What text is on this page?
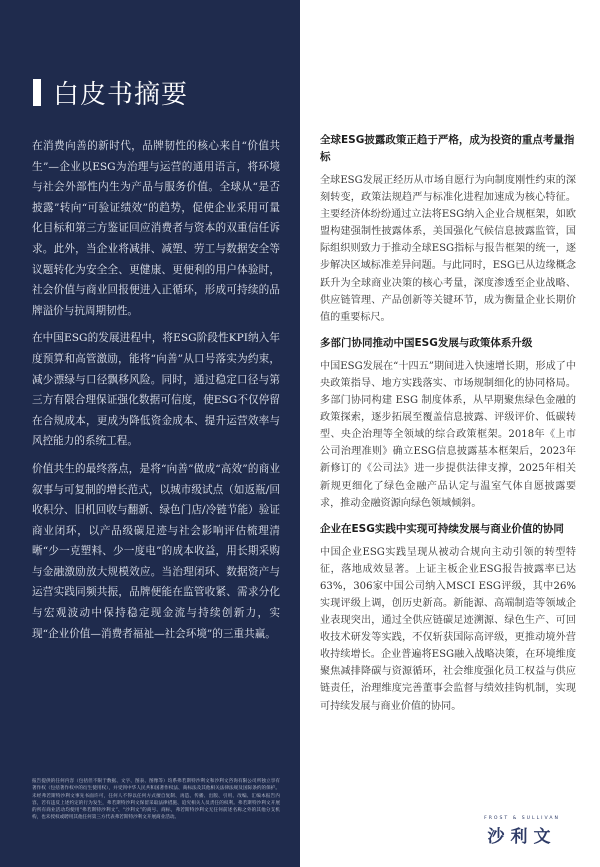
白皮书摘要

在消费向善的新时代，品牌韧性的核心来自“价值共生”—企业以ESG为治理与运营的通用语言，将环境与社会外部性内生为产品与服务价值。全球从“是否披露”转向“可验证绩效”的趋势，促使企业采用可量化目标和第三方鉴证回应消费者与资本的双重信任诉求。此外，当企业将减排、减塑、劳工与数据安全等议题转化为安全全、更健康、更便利的用户体验时，社会价值与商业回报便进入正循环，形成可持续的品牌溢价与抗周期韧性。

在中国ESG的发展进程中，将ESG阶段性KPI纳入年度预算和高管激励，能将“向善”从口号落实为约束，减少漂绿与口径飘移风险。同时，通过稳定口径与第三方有限合理保证强化数据可信度，使ESG不仅停留在合规成本，更成为降低资金成本、提升运营效率与风控能力的系统工程。

价值共生的最终落点，是将“向善”做成“高效”的商业叙事与可复制的增长范式，以城市级试点（如返瓶/回收积分、旧机回收与翻新、绿色门店/冷链节能）验证商业闭环，以产品级碳足迹与社会影响评估梳理清晰“少一克塑料、少一度电”的成本收益，用长期采购与金融激励放大规模效应。当治理闭环、数据资产与运营实践同频共振，品牌便能在监管收紧、需求分化与宏观波动中保持稳定现金流与持续创新力，实现“企业价值—消费者福祉—社会环境”的三重共赢。

报告提供的任何内容（包括但不限于数据、文字、图表、图像等）均系弗若斯特沙利文和沙利文咨询有限公司所独立享有著作权（包括著作权中的衍生使用权），并受到中华人民共和国著作权法、商标法及其他相关法律法规及国际条约的保护。未经弗若斯特沙利文事先书面许可，任何人不得以任何方式擅自复制、再造、传播、出版、引用、改编、汇编本报告内容，若有违反上述约定的行为发生，弗若斯特沙利文保留采取法律措施、追究相关人员责任的权利。弗若斯特沙利文开展的所有商业活动均使用“弗若斯特沙利文”、“沙利文”的商号、商标，弗若斯特沙利文无任何前述名称之外的其他分支机构，也未授权或聘用其他任何第三方代表弗若斯特沙利文开展商业活动。
全球ESG披露政策正趋于严格，成为投资的重点考量指标
全球ESG发展正经历从市场自愿行为向制度刚性约束的深刻转变，政策法规趋严与标准化进程加速成为核心特征。主要经济体纷纷通过立法将ESG纳入企业合规框架，如欧盟构建强制性披露体系，美国强化气候信息披露监管，国际组织则致力于推动全球ESG指标与报告框架的统一，逐步解决区域标准差异问题。与此同时，ESG已从边缘概念跃升为全球商业决策的核心考量，深度渗透至企业战略、供应链管理、产品创新等关键环节，成为衡量企业长期价值的重要标尺。
多部门协同推动中国ESG发展与政策体系升级
中国ESG发展在“十四五”期间进入快速增长期，形成了中央政策指导、地方实践落实、市场规制细化的协同格局。多部门协同构建 ESG 制度体系，从早期聚焦绿色金融的政策探索，逐步拓展至覆盖信息披露、评级评价、低碳转型、央企治理等全领域的综合政策框架。2018年《上市公司治理准则》确立ESG信息披露基本框架后，2023年新修订的《公司法》进一步提供法律支撑，2025年相关新规更细化了绿色金融产品认定与温室气体自愿披露要求，推动金融资源向绿色领域倾斜。
企业在ESG实践中实现可持续发展与商业价值的协同
中国企业ESG实践呈现从被动合规向主动引领的转型特征，落地成效显著。上证主板企业ESG报告披露率已达63%，306家中国公司纳入MSCI ESG评级，其中26%实现评级上调，创历史新高。新能源、高端制造等领域企业表现突出，通过全供应链碳足迹溯源、绿色生产、可回收技术研发等实践，不仅斩获国际高评级，更推动境外营收持续增长。企业普遍将ESG融入战略决策，在环境维度聚焦减排降碳与资源循环，社会维度强化员工权益与供应链责任，治理维度完善董事会监督与绩效挂钩机制，实现可持续发展与商业价值的协同。
FROST & SULLIVAN
沙利文
